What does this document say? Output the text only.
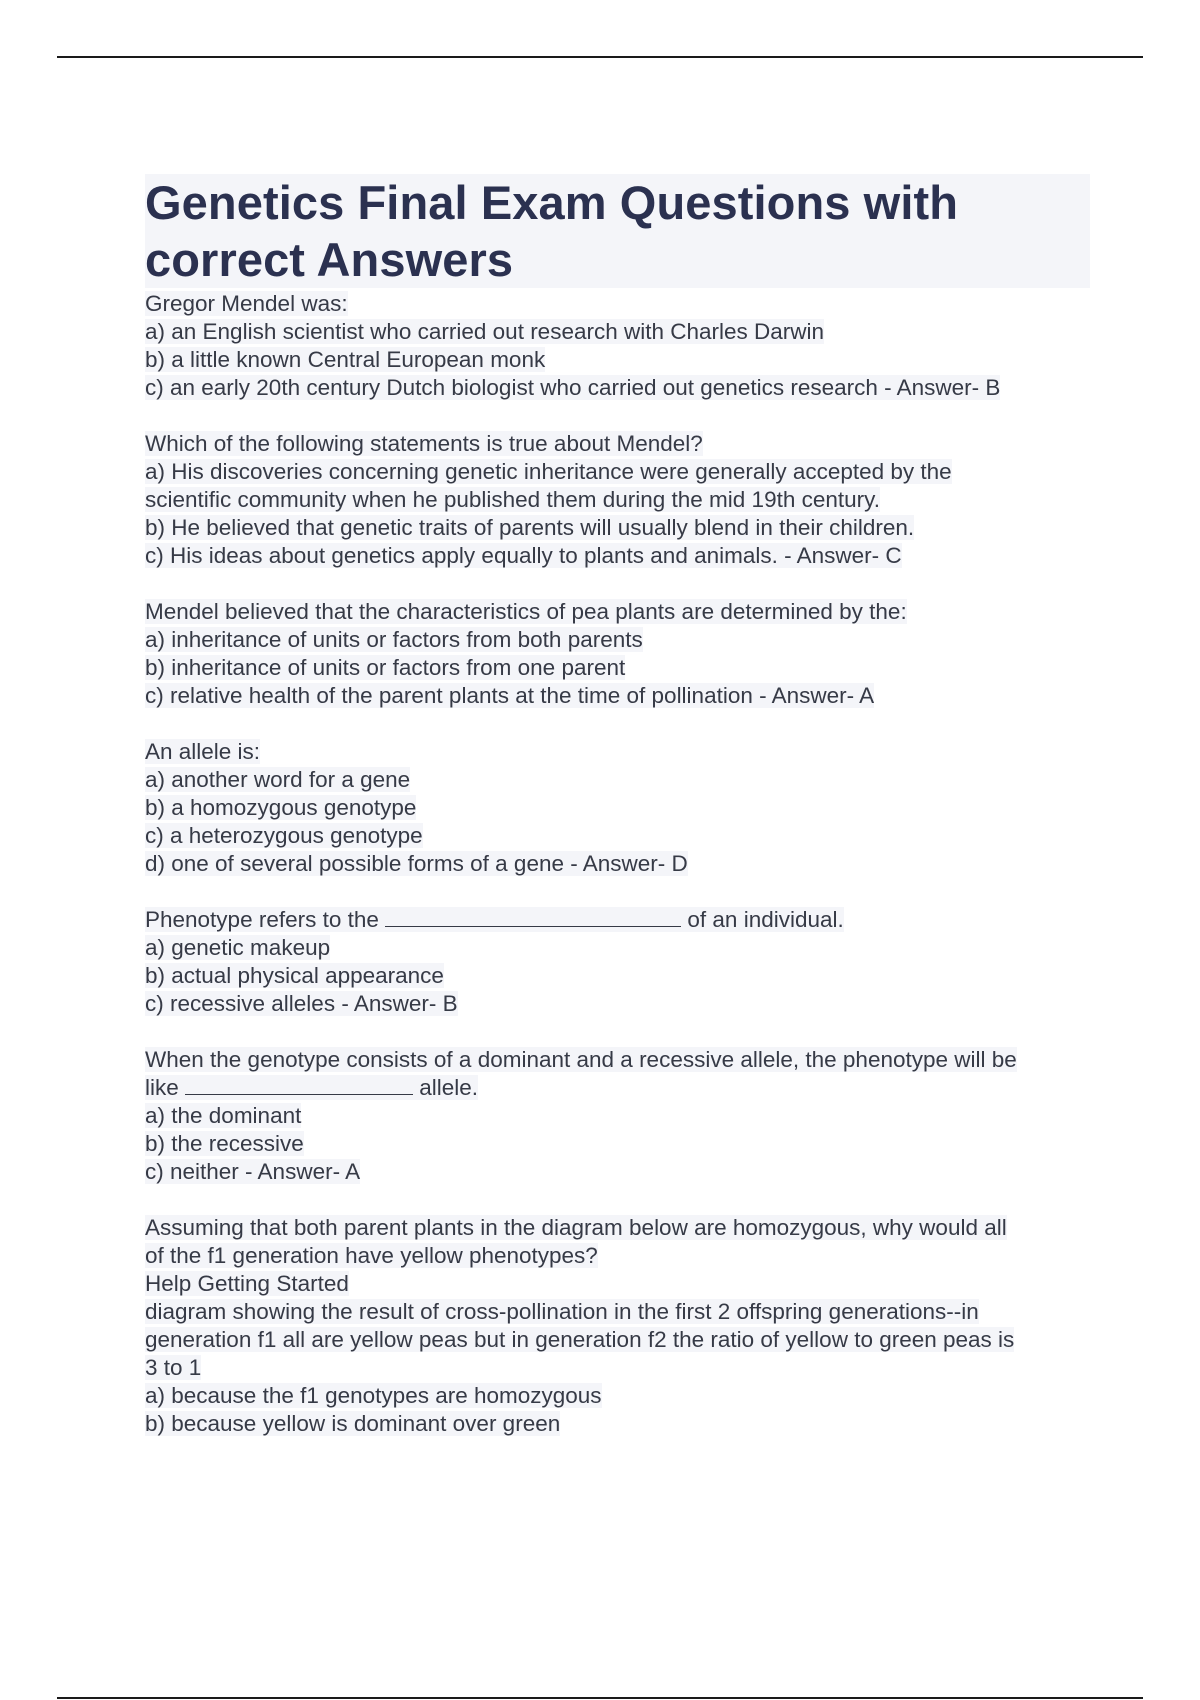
Genetics Final Exam Questions with
correct Answers
Gregor Mendel was:
a) an English scientist who carried out research with Charles Darwin
b) a little known Central European monk
c) an early 20th century Dutch biologist who carried out genetics research - Answer- B
Which of the following statements is true about Mendel?
a) His discoveries concerning genetic inheritance were generally accepted by the
scientific community when he published them during the mid 19th century.
b) He believed that genetic traits of parents will usually blend in their children.
c) His ideas about genetics apply equally to plants and animals. - Answer- C
Mendel believed that the characteristics of pea plants are determined by the:
a) inheritance of units or factors from both parents
b) inheritance of units or factors from one parent
c) relative health of the parent plants at the time of pollination - Answer- A
An allele is:
a) another word for a gene
b) a homozygous genotype
c) a heterozygous genotype
d) one of several possible forms of a gene - Answer- D
Phenotype refers to the	of an individual.
a) genetic makeup
b) actual physical appearance
c) recessive alleles - Answer- B
When the genotype consists of a dominant and a recessive allele, the phenotype will be
like	allele.
a) the dominant
b) the recessive
c) neither - Answer- A
Assuming that both parent plants in the diagram below are homozygous, why would all
of the f1 generation have yellow phenotypes?
Help Getting Started
diagram showing the result of cross-pollination in the first 2 offspring generations--in
generation f1 all are yellow peas but in generation f2 the ratio of yellow to green peas is
3 to 1
a) because the f1 genotypes are homozygous
b) because yellow is dominant over green
